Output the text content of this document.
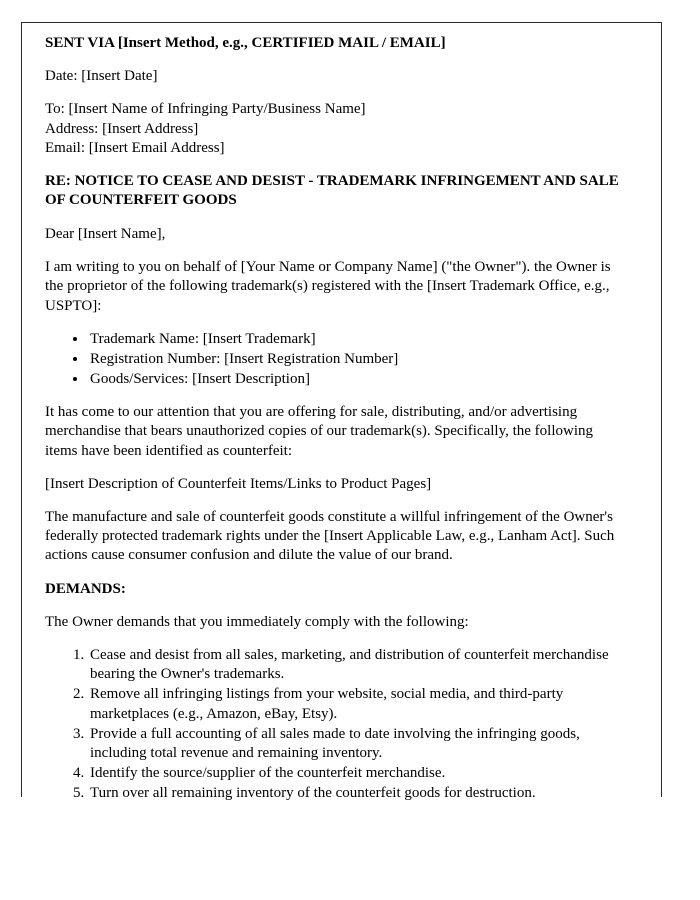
SENT VIA [Insert Method, e.g., CERTIFIED MAIL / EMAIL]

Date: [Insert Date]

To: [Insert Name of Infringing Party/Business Name]

Address: [Insert Address]

Email: [Insert Email Address]

RE: NOTICE TO CEASE AND DESIST - TRADEMARK INFRINGEMENT AND SALE OF COUNTERFEIT GOODS

Dear [Insert Name],

I am writing to you on behalf of [Your Name or Company Name] ("the Owner"). the Owner is the proprietor of the following trademark(s) registered with the [Insert Trademark Office, e.g., USPTO]:

• Trademark Name: [Insert Trademark]
• Registration Number: [Insert Registration Number]
• Goods/Services: [Insert Description]

It has come to our attention that you are offering for sale, distributing, and/or advertising merchandise that bears unauthorized copies of our trademark(s). Specifically, the following items have been identified as counterfeit:

[Insert Description of Counterfeit Items/Links to Product Pages]

The manufacture and sale of counterfeit goods constitute a willful infringement of the Owner's federally protected trademark rights under the [Insert Applicable Law, e.g., Lanham Act]. Such actions cause consumer confusion and dilute the value of our brand.

DEMANDS:

The Owner demands that you immediately comply with the following:

1. Cease and desist from all sales, marketing, and distribution of counterfeit merchandise bearing the Owner's trademarks.
2. Remove all infringing listings from your website, social media, and third-party marketplaces (e.g., Amazon, eBay, Etsy).
3. Provide a full accounting of all sales made to date involving the infringing goods, including total revenue and remaining inventory.
4. Identify the source/supplier of the counterfeit merchandise.
5. Turn over all remaining inventory of the counterfeit goods for destruction.
